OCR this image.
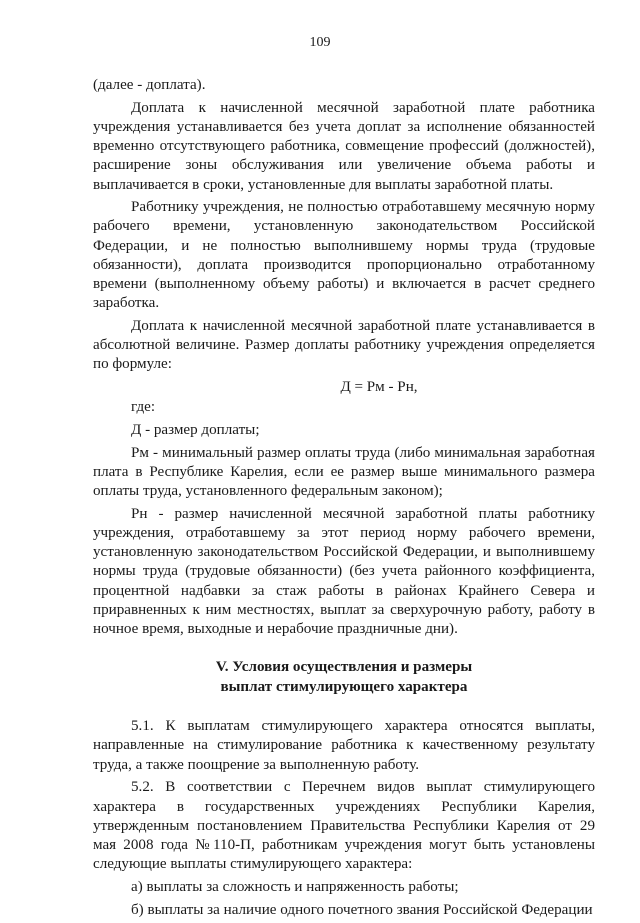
109

(далее - доплата).

Доплата к начисленной месячной заработной плате работника учреждения устанавливается без учета доплат за исполнение обязанностей временно отсутствующего работника, совмещение профессий (должностей), расширение зоны обслуживания или увеличение объема работы и выплачивается в сроки, установленные для выплаты заработной платы.

Работнику учреждения, не полностью отработавшему месячную норму рабочего времени, установленную законодательством Российской Федерации, и не полностью выполнившему нормы труда (трудовые обязанности), доплата производится пропорционально отработанному времени (выполненному объему работы) и включается в расчет среднего заработка.

Доплата к начисленной месячной заработной плате устанавливается в абсолютной величине. Размер доплаты работнику учреждения определяется по формуле:

Д = Рм - Рн,

где:

Д - размер доплаты;

Рм - минимальный размер оплаты труда (либо минимальная заработная плата в Республике Карелия, если ее размер выше минимального размера оплаты труда, установленного федеральным законом);

Рн - размер начисленной месячной заработной платы работнику учреждения, отработавшему за этот период норму рабочего времени, установленную законодательством Российской Федерации, и выполнившему нормы труда (трудовые обязанности) (без учета районного коэффициента, процентной надбавки за стаж работы в районах Крайнего Севера и приравненных к ним местностях, выплат за сверхурочную работу, работу в ночное время, выходные и нерабочие праздничные дни).

V. Условия осуществления и размеры
выплат стимулирующего характера

5.1. К выплатам стимулирующего характера относятся выплаты, направленные на стимулирование работника к качественному результату труда, а также поощрение за выполненную работу.

5.2. В соответствии с Перечнем видов выплат стимулирующего характера в государственных учреждениях Республики Карелия, утвержденным постановлением Правительства Республики Карелия от 29 мая 2008 года №110-П, работникам учреждения могут быть установлены следующие выплаты стимулирующего характера:

а) выплаты за сложность и напряженность работы;

б) выплаты за наличие одного почетного звания Российской Федерации
